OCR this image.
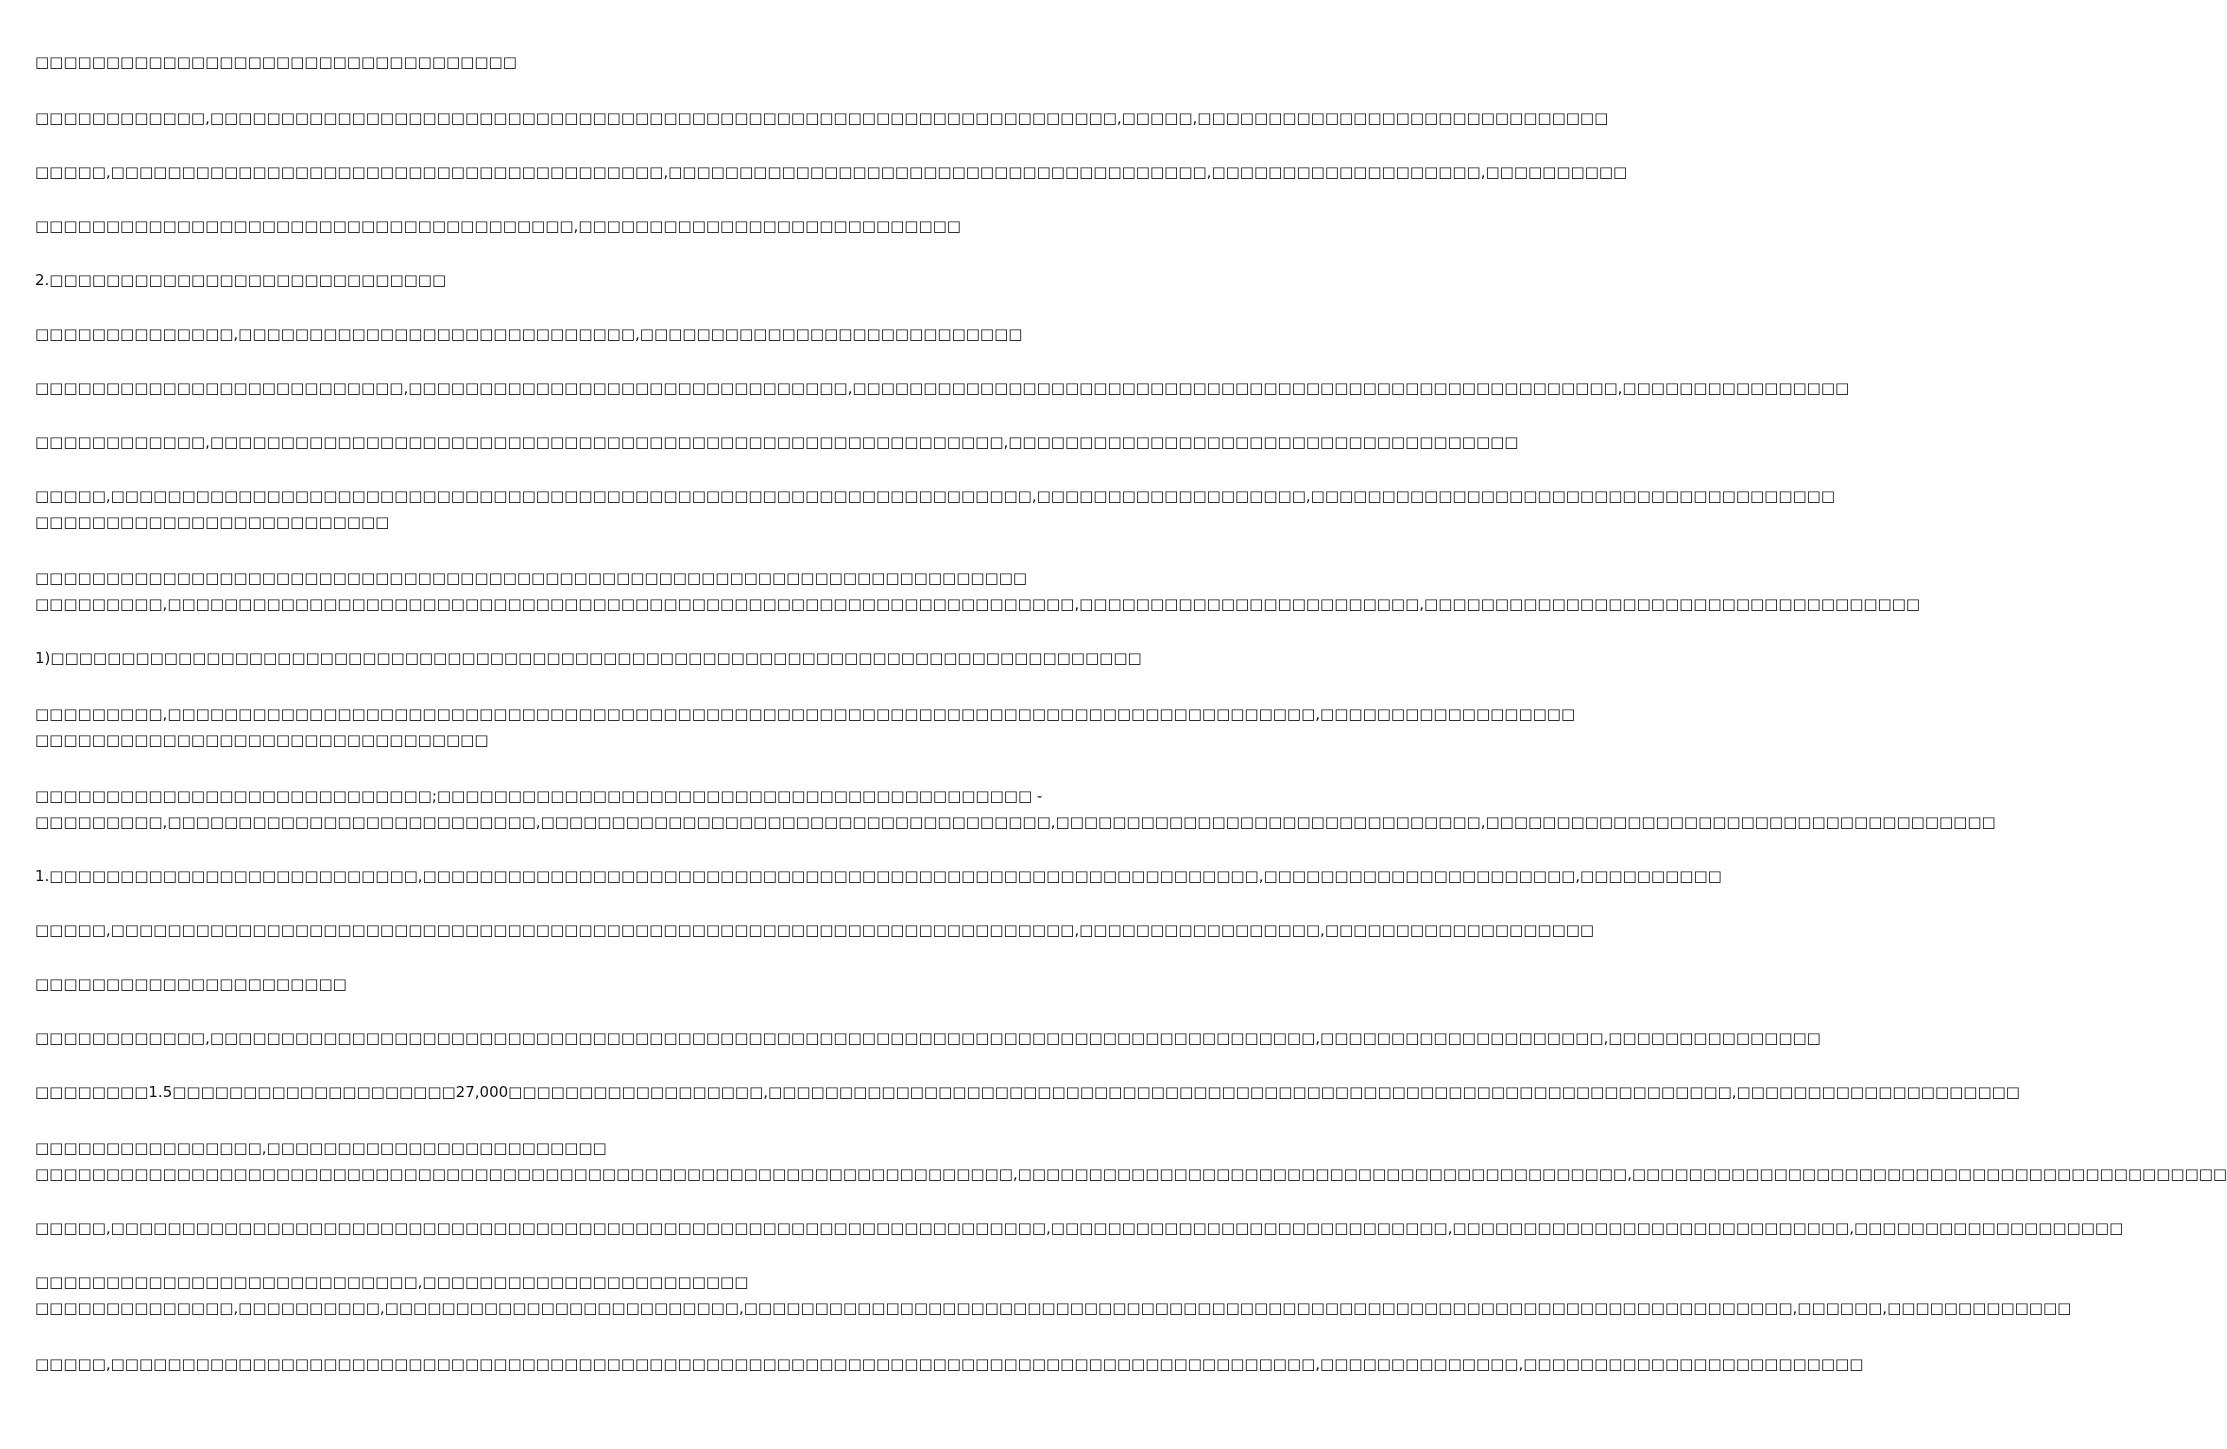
□□□□□□□□□□□□□□□□□□□□□□□□□□□□□□□□□□
□□□□□□□□□□□□,□□□□□□□□□□□□□□□□□□□□□□□□□□□□□□□□□□□□□□□□□□□□□□□□□□□□□□□□□□□□□□□□,□□□□□,□□□□□□□□□□□□□□□□□□□□□□□□□□□□□
□□□□□,□□□□□□□□□□□□□□□□□□□□□□□□□□□□□□□□□□□□□□□,□□□□□□□□□□□□□□□□□□□□□□□□□□□□□□□□□□□□□□,□□□□□□□□□□□□□□□□□□□,□□□□□□□□□□
□□□□□□□□□□□□□□□□□□□□□□□□□□□□□□□□□□□□□□,□□□□□□□□□□□□□□□□□□□□□□□□□□□
2.□□□□□□□□□□□□□□□□□□□□□□□□□□□□
□□□□□□□□□□□□□□,□□□□□□□□□□□□□□□□□□□□□□□□□□□□,□□□□□□□□□□□□□□□□□□□□□□□□□□□
□□□□□□□□□□□□□□□□□□□□□□□□□□,□□□□□□□□□□□□□□□□□□□□□□□□□□□□□□□,□□□□□□□□□□□□□□□□□□□□□□□□□□□□□□□□□□□□□□□□□□□□□□□□□□□□□□,□□□□□□□□□□□□□□□□
□□□□□□□□□□□□,□□□□□□□□□□□□□□□□□□□□□□□□□□□□□□□□□□□□□□□□□□□□□□□□□□□□□□□□,□□□□□□□□□□□□□□□□□□□□□□□□□□□□□□□□□□□□
□□□□□,□□□□□□□□□□□□□□□□□□□□□□□□□□□□□□□□□□□□□□□□□□□□□□□□□□□□□□□□□□□□□□□□□,□□□□□□□□□□□□□□□□□□□,□□□□□□□□□□□□□□□□□□□□□□□□□□□□□□□□□□□□□
□□□□□□□□□□□□□□□□□□□□□□□□□
□□□□□□□□□□□□□□□□□□□□□□□□□□□□□□□□□□□□□□□□□□□□□□□□□□□□□□□□□□□□□□□□□□□□□□
□□□□□□□□□,□□□□□□□□□□□□□□□□□□□□□□□□□□□□□□□□□□□□□□□□□□□□□□□□□□□□□□□□□□□□□□□□,□□□□□□□□□□□□□□□□□□□□□□□□,□□□□□□□□□□□□□□□□□□□□□□□□□□□□□□□□□□□
1)□□□□□□□□□□□□□□□□□□□□□□□□□□□□□□□□□□□□□□□□□□□□□□□□□□□□□□□□□□□□□□□□□□□□□□□□□□□□□
□□□□□□□□□,□□□□□□□□□□□□□□□□□□□□□□□□□□□□□□□□□□□□□□□□□□□□□□□□□□□□□□□□□□□□□□□□□□□□□□□□□□□□□□□□□,□□□□□□□□□□□□□□□□□□
□□□□□□□□□□□□□□□□□□□□□□□□□□□□□□□□
□□□□□□□□□□□□□□□□□□□□□□□□□□□□;□□□□□□□□□□□□□□□□□□□□□□□□□□□□□□□□□□□□□□□□□□ -
□□□□□□□□□,□□□□□□□□□□□□□□□□□□□□□□□□□□,□□□□□□□□□□□□□□□□□□□□□□□□□□□□□□□□□□□□,□□□□□□□□□□□□□□□□□□□□□□□□□□□□□□,□□□□□□□□□□□□□□□□□□□□□□□□□□□□□□□□□□□□
1.□□□□□□□□□□□□□□□□□□□□□□□□□□,□□□□□□□□□□□□□□□□□□□□□□□□□□□□□□□□□□□□□□□□□□□□□□□□□□□□□□□□□□□,□□□□□□□□□□□□□□□□□□□□□□,□□□□□□□□□□
□□□□□,□□□□□□□□□□□□□□□□□□□□□□□□□□□□□□□□□□□□□□□□□□□□□□□□□□□□□□□□□□□□□□□□□□□□,□□□□□□□□□□□□□□□□□,□□□□□□□□□□□□□□□□□□□
□□□□□□□□□□□□□□□□□□□□□□
□□□□□□□□□□□□,□□□□□□□□□□□□□□□□□□□□□□□□□□□□□□□□□□□□□□□□□□□□□□□□□□□□□□□□□□□□□□□□□□□□□□□□□□□□□□,□□□□□□□□□□□□□□□□□□□□,□□□□□□□□□□□□□□□
□□□□□□□□1.5□□□□□□□□□□□□□□□□□□□□27,000□□□□□□□□□□□□□□□□□□,□□□□□□□□□□□□□□□□□□□□□□□□□□□□□□□□□□□□□□□□□□□□□□□□□□□□□□□□□□□□□□□□□□□□,□□□□□□□□□□□□□□□□□□□□
□□□□□□□□□□□□□□□□,□□□□□□□□□□□□□□□□□□□□□□□□
□□□□□□□□□□□□□□□□□□□□□□□□□□□□□□□□□□□□□□□□□□□□□□□□□□□□□□□□□□□□□□□□□□□□□,□□□□□□□□□□□□□□□□□□□□□□□□□□□□□□□□□□□□□□□□□□□,□□□□□□□□□□□□□□□□□□□□□□□□□□□□□□□□□□□□□□□□□□
□□□□□,□□□□□□□□□□□□□□□□□□□□□□□□□□□□□□□□□□□□□□□□□□□□□□□□□□□□□□□□□□□□□□□□□□,□□□□□□□□□□□□□□□□□□□□□□□□□□□□,□□□□□□□□□□□□□□□□□□□□□□□□□□□□,□□□□□□□□□□□□□□□□□□□
□□□□□□□□□□□□□□□□□□□□□□□□□□□,□□□□□□□□□□□□□□□□□□□□□□□
□□□□□□□□□□□□□□,□□□□□□□□□□,□□□□□□□□□□□□□□□□□□□□□□□□□,□□□□□□□□□□□□□□□□□□□□□□□□□□□□□□□□□□□□□□□□□□□□□□□□□□□□□□□□□□□□□□□□□□□□□□□□□□,□□□□□□,□□□□□□□□□□□□□
□□□□□,□□□□□□□□□□□□□□□□□□□□□□□□□□□□□□□□□□□□□□□□□□□□□□□□□□□□□□□□□□□□□□□□□□□□□□□□□□□□□□□□□□□□□,□□□□□□□□□□□□□□,□□□□□□□□□□□□□□□□□□□□□□□□
